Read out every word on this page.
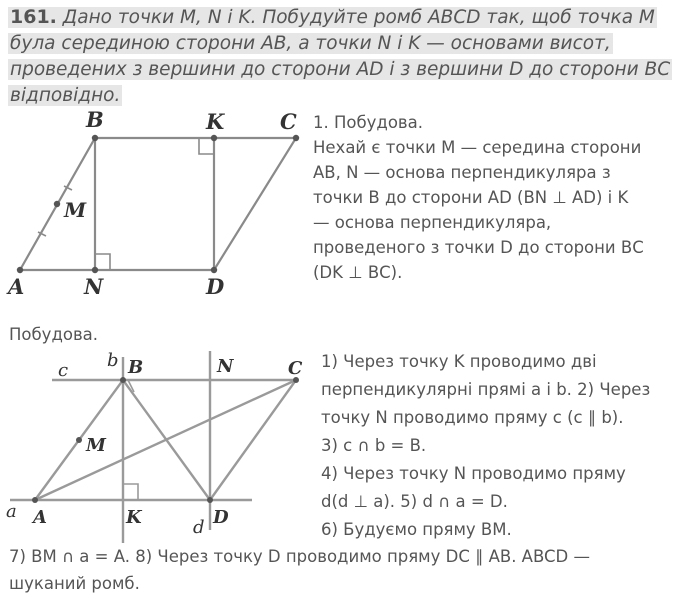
161. Дано точки M, N і K. Побудуйте ромб ABCD так, щоб точка M була серединою сторони AB, а точки N і K — основами висот, проведених з вершини до сторони AD і з вершини D до сторони BC відповідно.
A
B	C
D
K
M
N
1. Побудова.
Нехай є точки М — середина сторони
АВ, N — основа перпендикуляра з
точки В до сторони AD (BN ⊥ AD) і K
— основа перпендикуляра,
проведеного з точки D до сторони ВС
(DK ⊥ ВС).
Побудова.
a A
b B
c	C
d D
K
M
N	1) Через точку K проводимо дві
перпендикулярні прямі a і b. 2) Через
точку N проводимо пряму с (c ∥ b).
3) c ∩ b = B.
4) Через точку N проводимо пряму
d(d ⊥ a). 5) d ∩ a = D.
6) Будуємо пряму BM.
7) BM ∩ a = A. 8) Через точку D проводимо пряму DC ∥ АВ. ABCD —
шуканий ромб.
